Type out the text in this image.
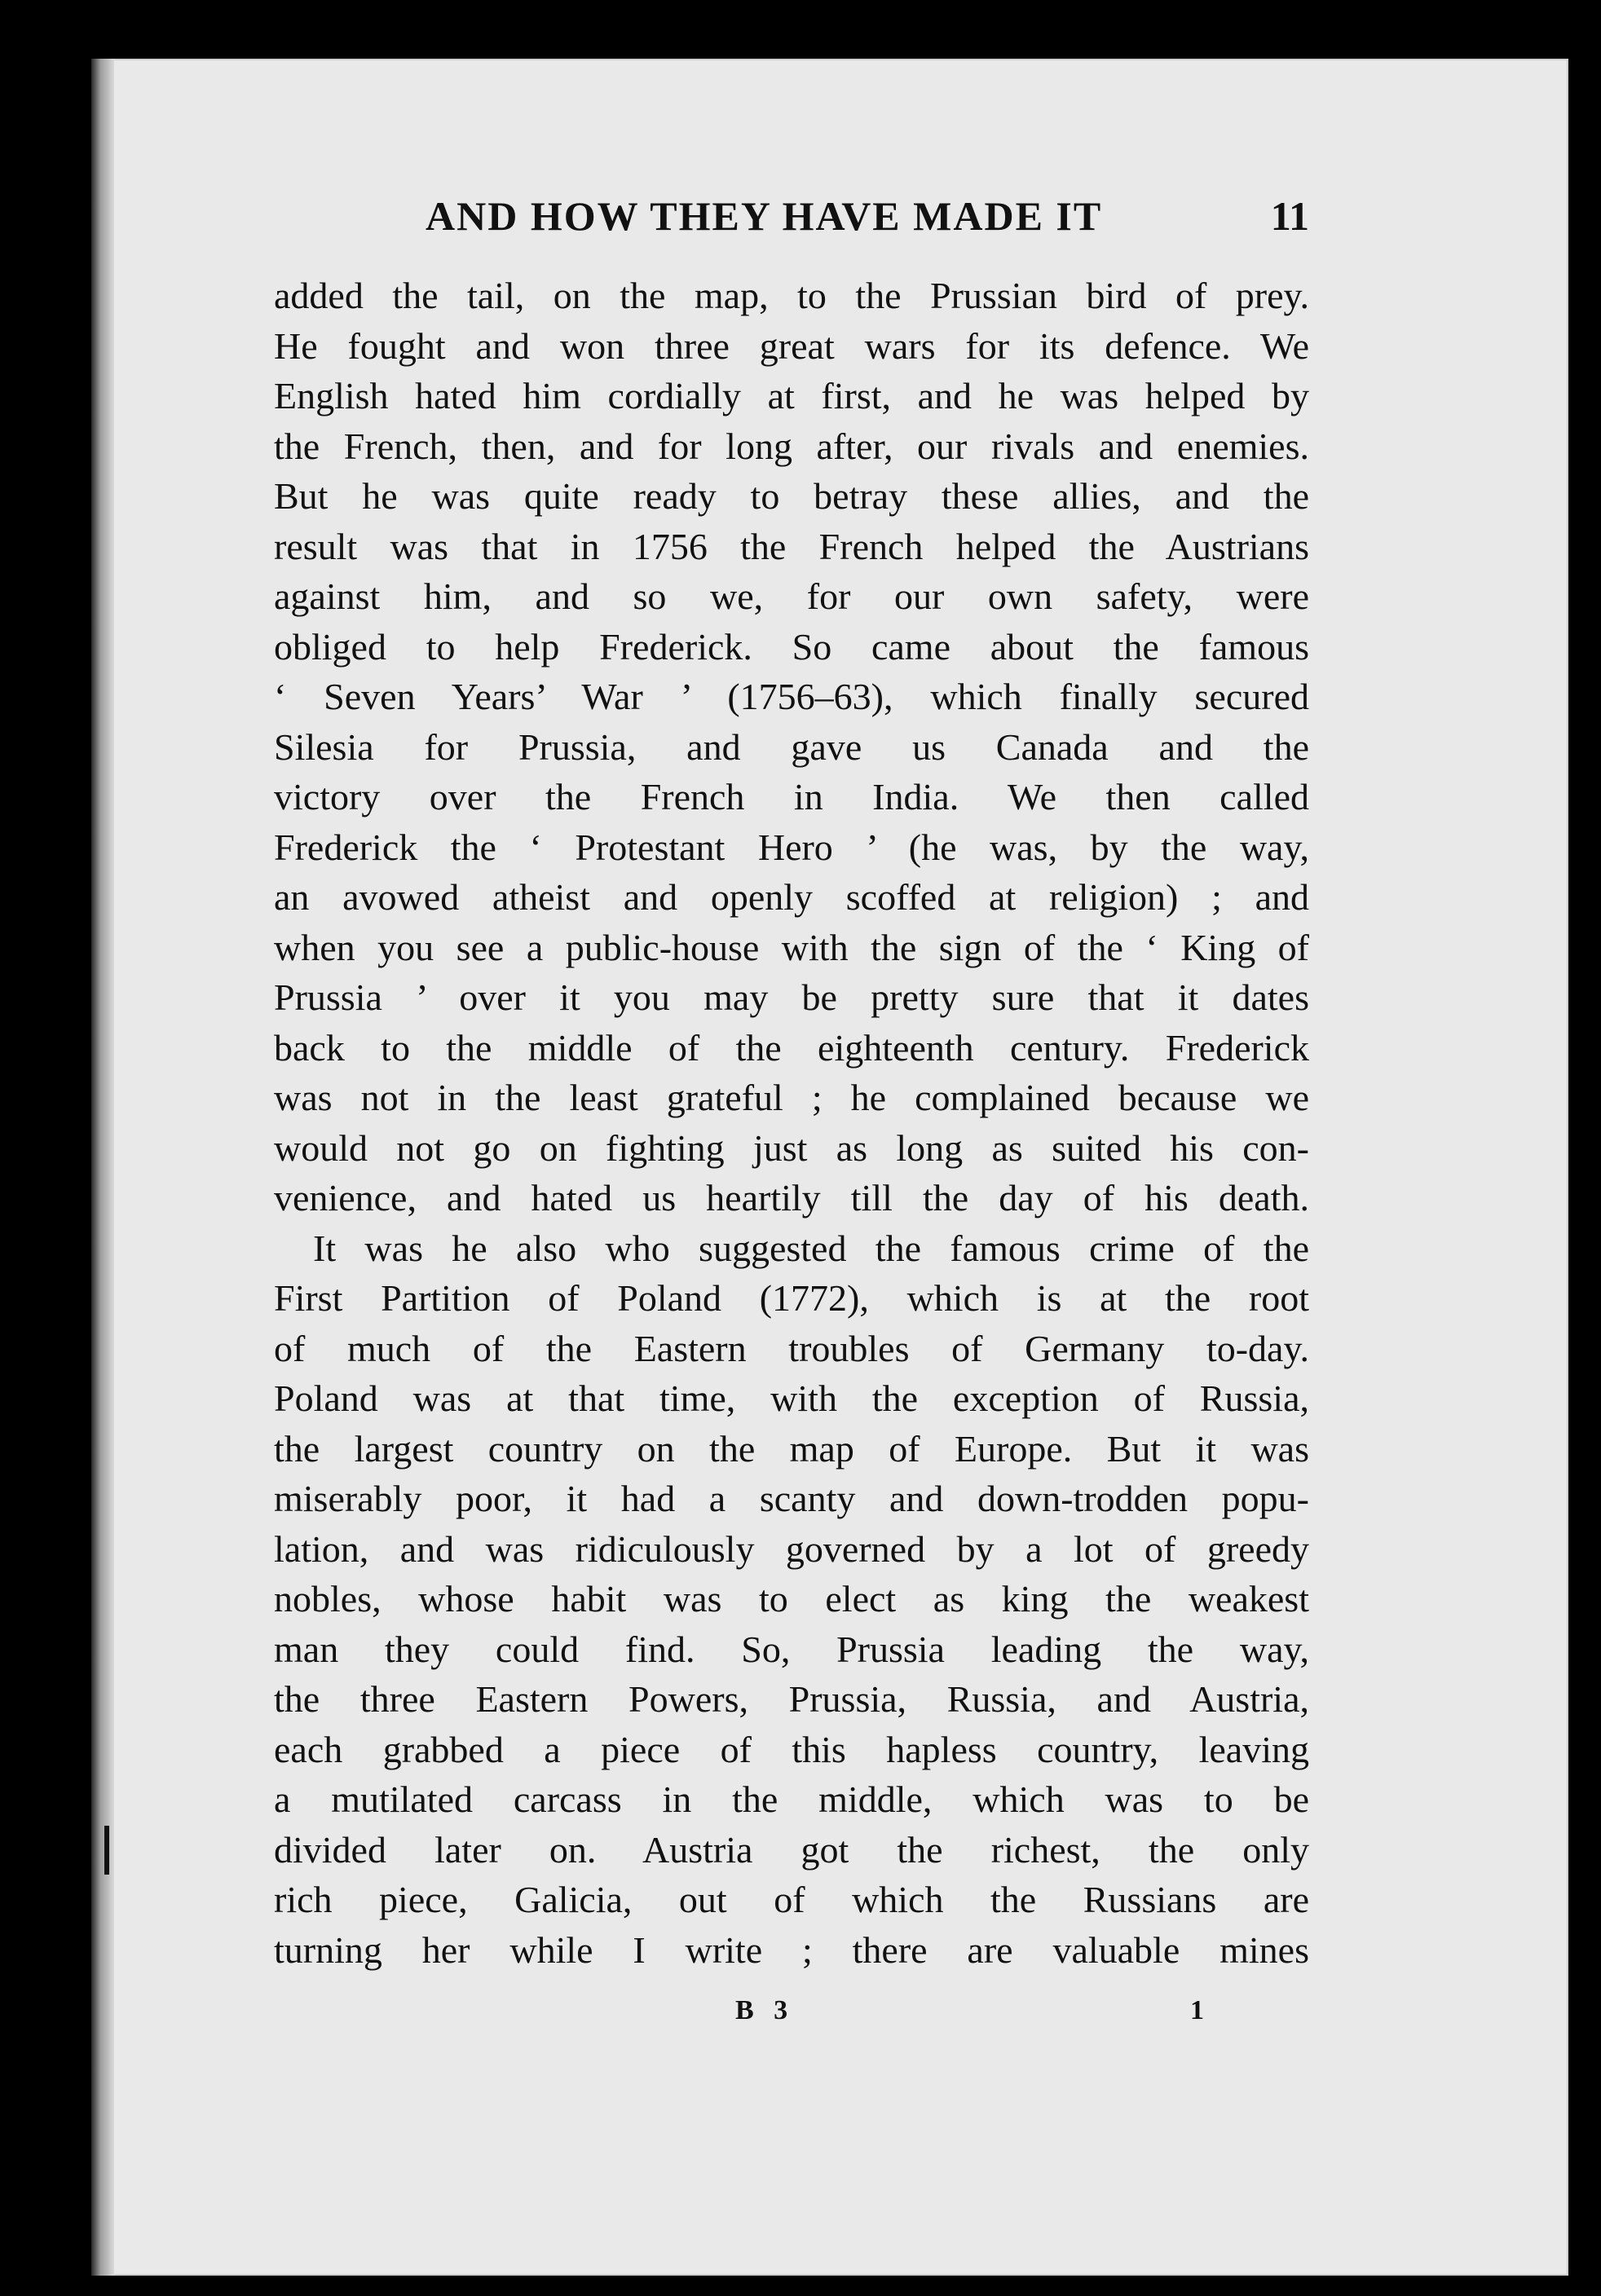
AND HOW THEY HAVE MADE IT	11

added the tail, on the map, to the Prussian bird of prey.

He fought and won three great wars for its defence. We

English hated him cordially at first, and he was helped by

the French, then, and for long after, our rivals and enemies.

But he was quite ready to betray these allies, and the

result was that in 1756 the French helped the Austrians

against him, and so we, for our own safety, were

obliged to help Frederick. So came about the famous

‘ Seven Years’ War ’ (1756–63), which finally secured

Silesia for Prussia, and gave us Canada and the

victory over the French in India. We then called

Frederick the ‘ Protestant Hero ’ (he was, by the way,

an avowed atheist and openly scoffed at religion) ; and

when you see a public-house with the sign of the ‘ King of

Prussia ’ over it you may be pretty sure that it dates

back to the middle of the eighteenth century. Frederick

was not in the least grateful ; he complained because we

would not go on fighting just as long as suited his con-

venience, and hated us heartily till the day of his death.

It was he also who suggested the famous crime of the

First Partition of Poland (1772), which is at the root

of much of the Eastern troubles of Germany to-day.

Poland was at that time, with the exception of Russia,

the largest country on the map of Europe. But it was

miserably poor, it had a scanty and down-trodden popu-

lation, and was ridiculously governed by a lot of greedy

nobles, whose habit was to elect as king the weakest

man they could find. So, Prussia leading the way,

the three Eastern Powers, Prussia, Russia, and Austria,

each grabbed a piece of this hapless country, leaving

a mutilated carcass in the middle, which was to be

divided later on. Austria got the richest, the only

rich piece, Galicia, out of which the Russians are

turning her while I write ; there are valuable mines

B 3	1
